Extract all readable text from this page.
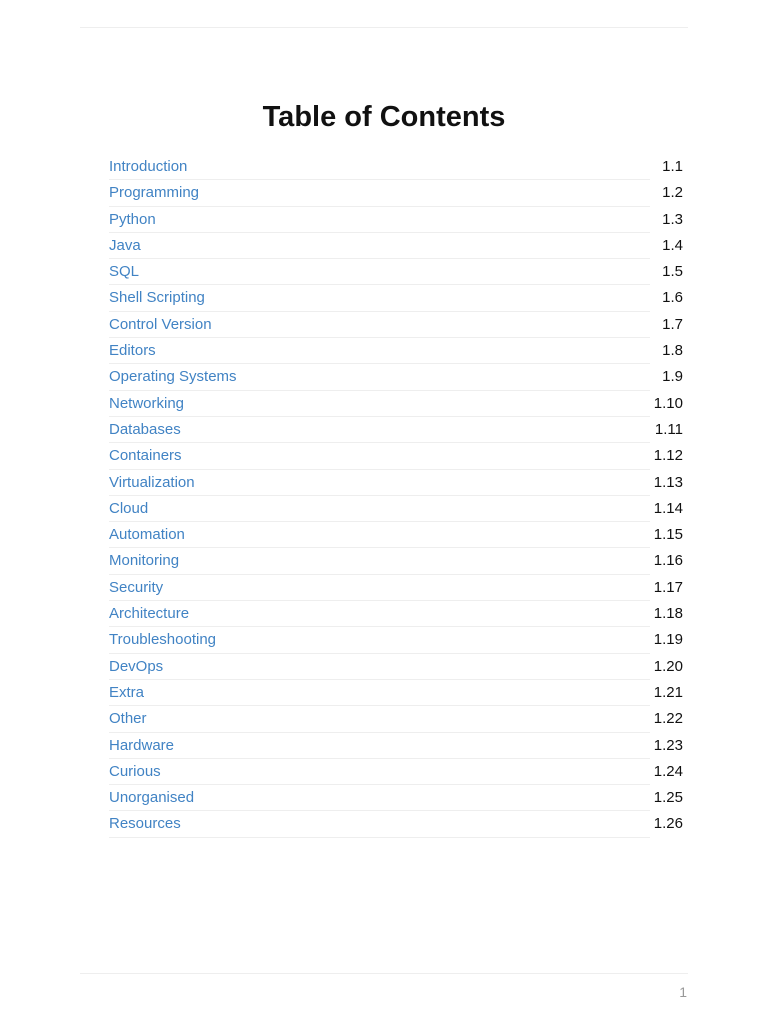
Table of Contents
Introduction	1.1
Programming	1.2
Python	1.3
Java	1.4
SQL	1.5
Shell Scripting	1.6
Control Version	1.7
Editors	1.8
Operating Systems	1.9
Networking	1.10
Databases	1.11
Containers	1.12
Virtualization	1.13
Cloud	1.14
Automation	1.15
Monitoring	1.16
Security	1.17
Architecture	1.18
Troubleshooting	1.19
DevOps	1.20
Extra	1.21
Other	1.22
Hardware	1.23
Curious	1.24
Unorganised	1.25
Resources	1.26
1
